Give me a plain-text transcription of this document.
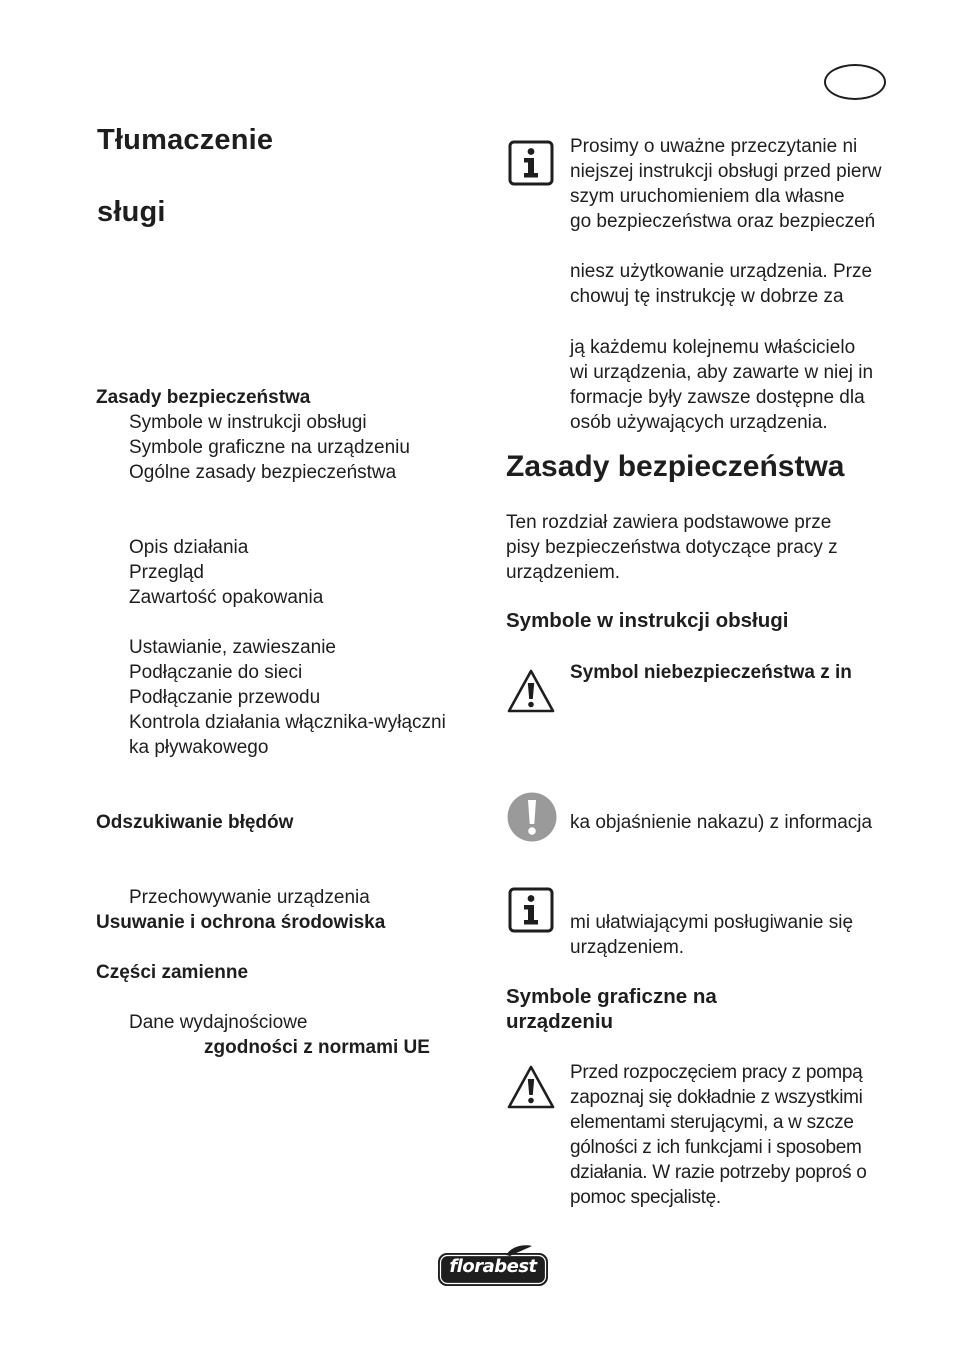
Tłumaczenie
sługi
Zasady bezpieczeństwa
Symbole w instrukcji obsługi
Symbole graficzne na urządzeniu
Ogólne zasady bezpieczeństwa
Opis działania
Przegląd
Zawartość opakowania
Ustawianie, zawieszanie
Podłączanie do sieci
Podłączanie przewodu
Kontrola działania włącznika-wyłączni
ka pływakowego
Odszukiwanie błędów
Przechowywanie urządzenia
Usuwanie i ochrona środowiska
Części zamienne
Dane wydajnościowe
zgodności z normami UE
Prosimy o uważne przeczytanie ni
niejszej instrukcji obsługi przed pierw
szym uruchomieniem dla własne
go bezpieczeństwa oraz bezpieczeń
niesz użytkowanie urządzenia. Prze
chowuj tę instrukcję w dobrze za
ją każdemu kolejnemu właścicielo
wi urządzenia, aby zawarte w niej in
formacje były zawsze dostępne dla
osób używających urządzenia.
Zasady bezpieczeństwa
Ten rozdział zawiera podstawowe prze
pisy bezpieczeństwa dotyczące pracy z
urządzeniem.
Symbole w instrukcji obsługi
Symbol niebezpieczeństwa z in
ka objaśnienie nakazu) z informacja
mi ułatwiającymi posługiwanie się
urządzeniem.
Symbole graficzne na
urządzeniu
Przed rozpoczęciem pracy z pompą
zapoznaj się dokładnie z wszystkimi
elementami sterującymi, a w szcze
gólności z ich funkcjami i sposobem
działania. W razie potrzeby poproś o
pomoc specjalistę.
florabest
